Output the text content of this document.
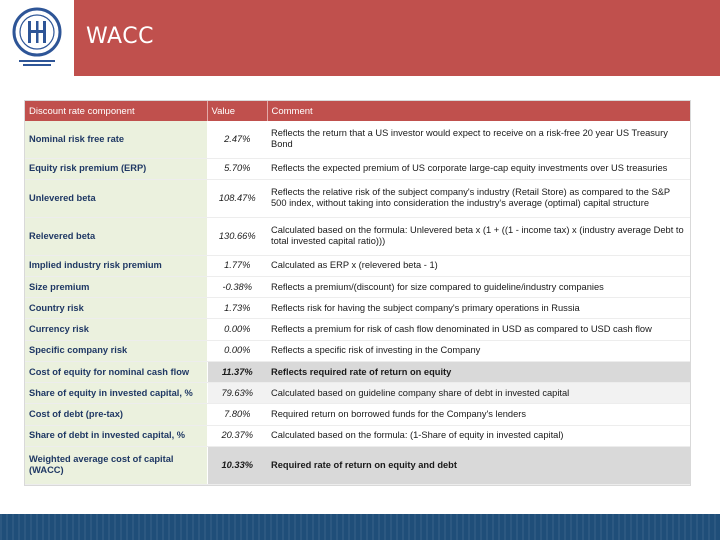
WACC
Discount rate component	Value	Comment
Nominal risk free rate	2.47%	Reflects the return that a US investor would expect to receive on a risk-free 20 year US Treasury Bond
Equity risk premium (ERP)	5.70%	Reflects the expected premium of US corporate large-cap equity investments over US treasuries
Unlevered beta	108.47%	Reflects the relative risk of the subject company's industry (Retail Store) as compared to the S&P 500 index, without taking into consideration the industry's average (optimal) capital structure
Relevered beta	130.66%	Calculated based on the formula: Unlevered beta x (1 + ((1 - income tax) x (industry average Debt to total invested capital ratio)))
Implied industry risk premium	1.77%	Calculated as ERP x (relevered beta - 1)
Size premium	-0.38%	Reflects a premium/(discount) for size compared to guideline/industry companies
Country risk	1.73%	Reflects risk for having the subject company's primary operations in Russia
Currency risk	0.00%	Reflects a premium for risk of cash flow denominated in USD as compared to USD cash flow
Specific company risk	0.00%	Reflects a specific risk of investing in the Company
Cost of equity for nominal cash flow	11.37%	Reflects required rate of return on equity
Share of equity in invested capital, %	79.63%	Calculated based on guideline company share of debt in invested capital
Cost of debt (pre-tax)	7.80%	Required return on borrowed funds for the Company's lenders
Share of debt in invested capital, %	20.37%	Calculated based on the formula: (1-Share of equity in invested capital)
Weighted average cost of capital (WACC)	10.33%	Required rate of return on equity and debt
